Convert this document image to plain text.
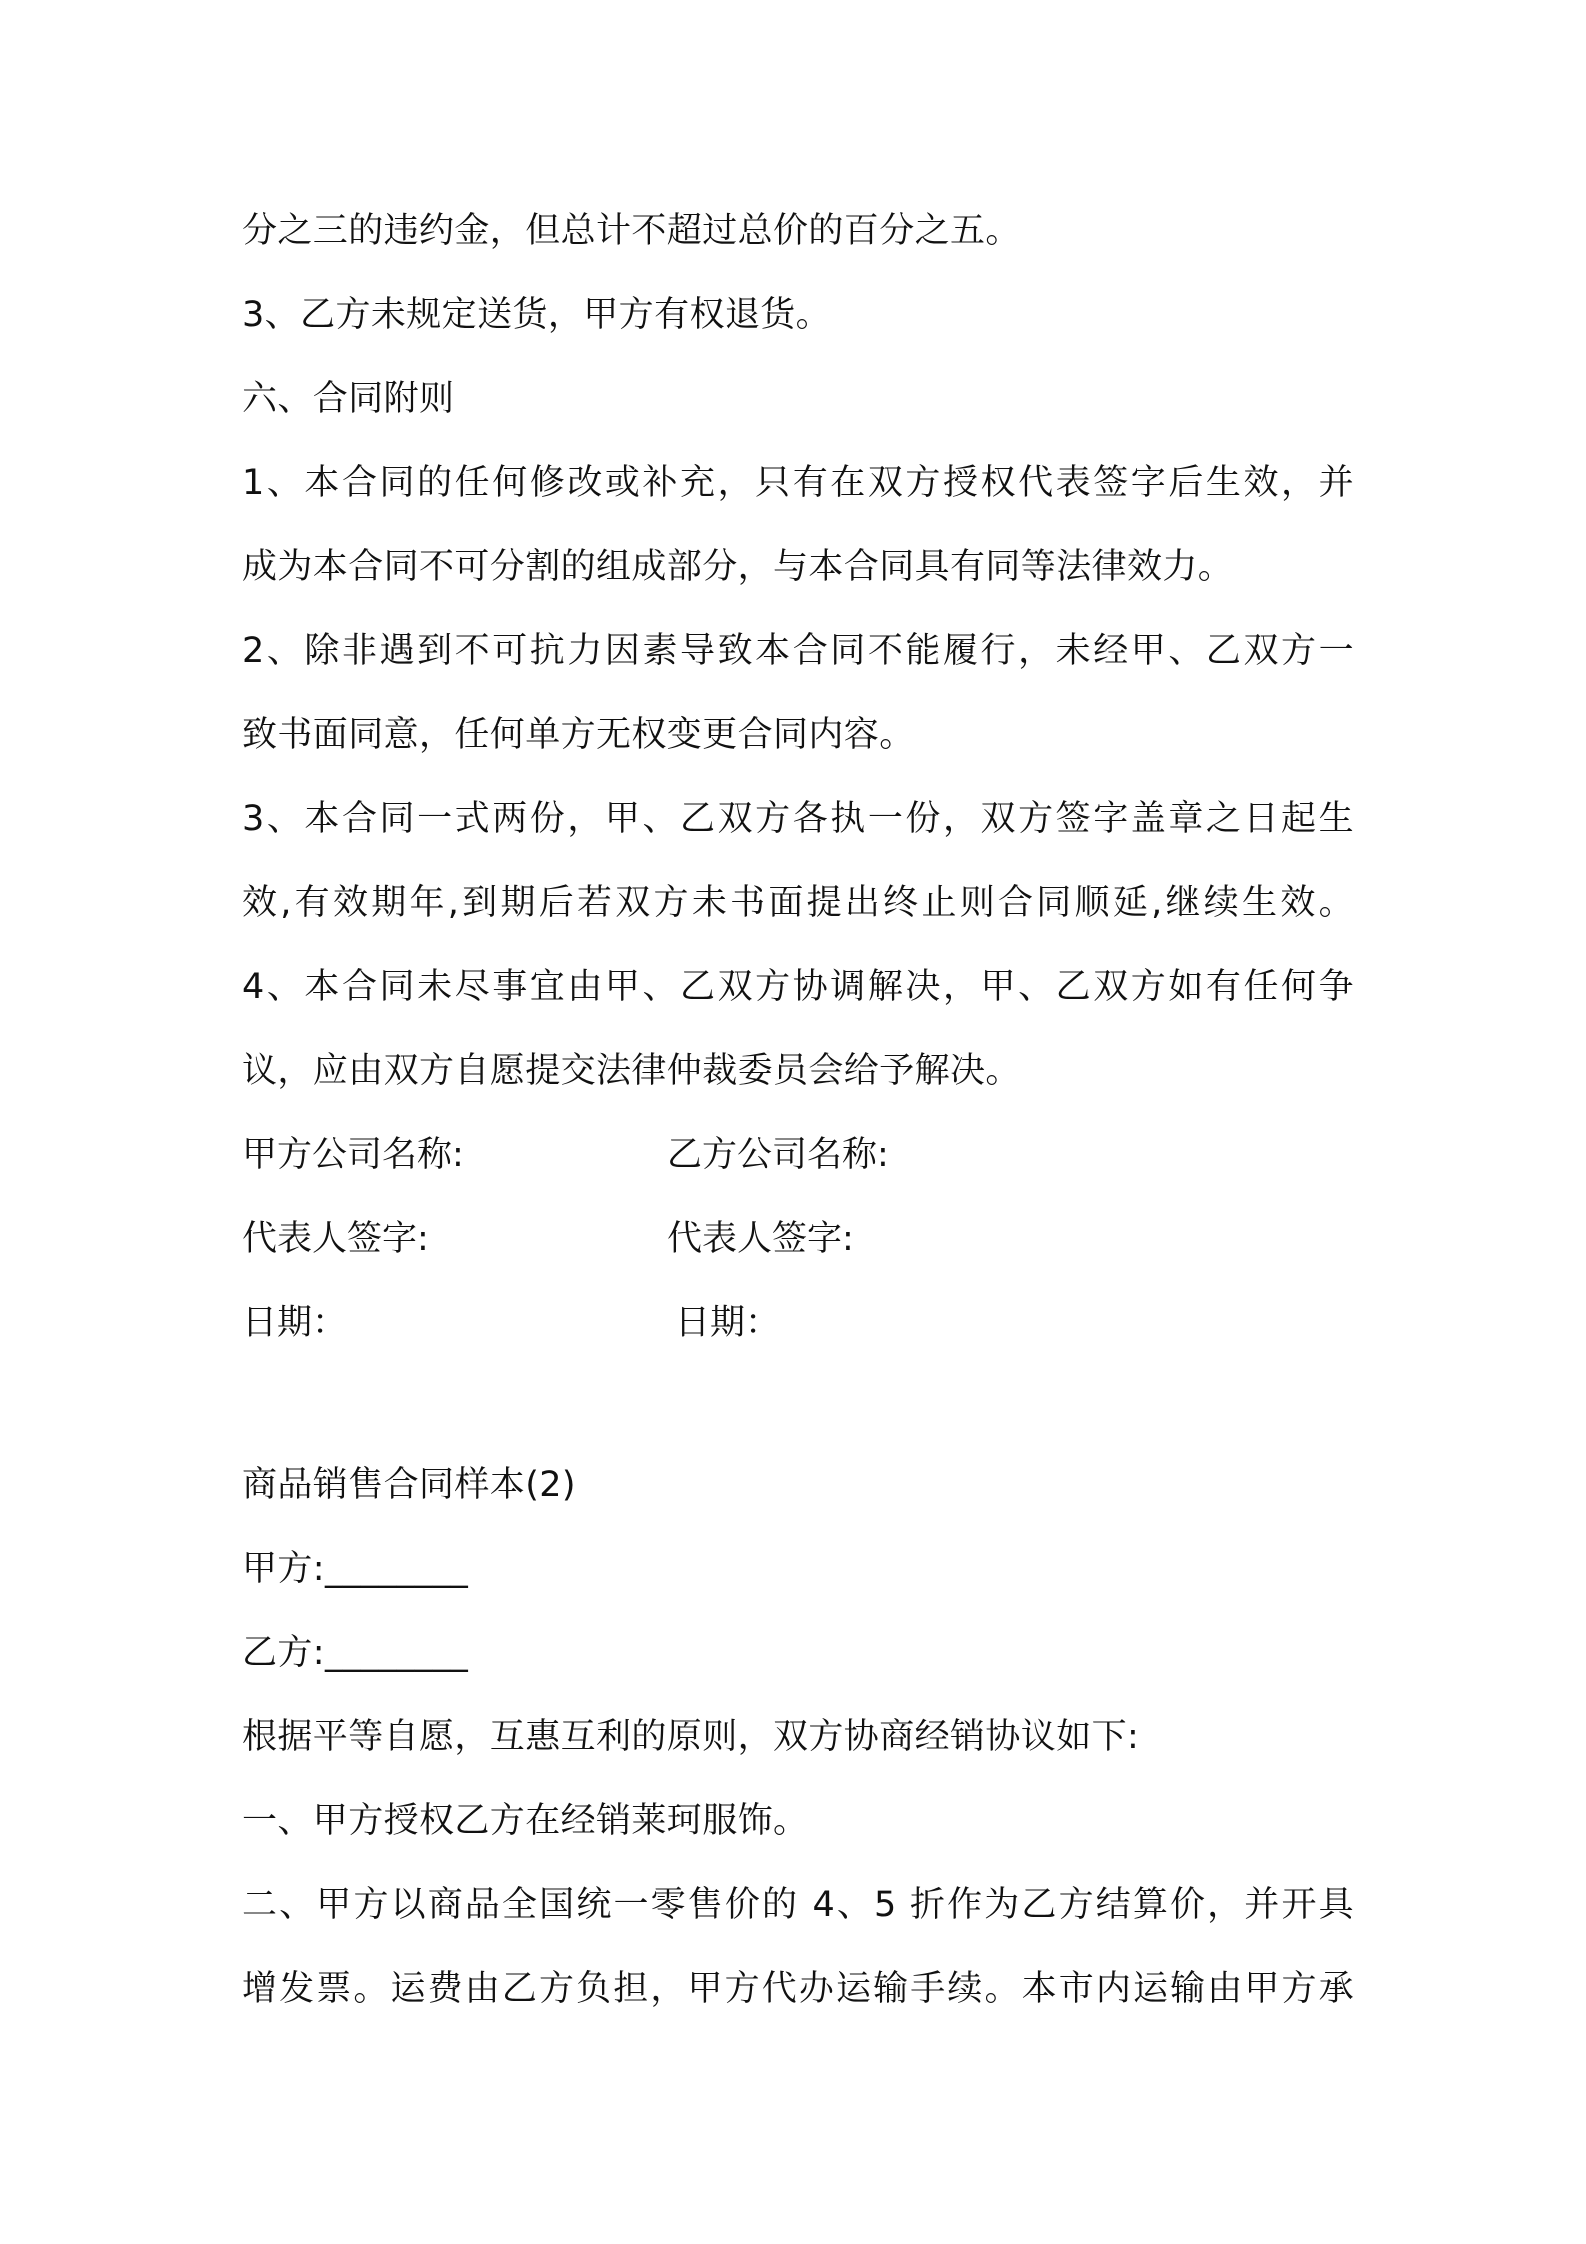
分之三的违约金，但总计不超过总价的百分之五。
3、乙方未规定送货，甲方有权退货。
六、合同附则
1、本合同的任何修改或补充，只有在双方授权代表签字后生效，并
成为本合同不可分割的组成部分，与本合同具有同等法律效力。
2、除非遇到不可抗力因素导致本合同不能履行，未经甲、乙双方一
致书面同意，任何单方无权变更合同内容。
3、本合同一式两份，甲、乙双方各执一份，双方签字盖章之日起生
效,有效期年,到期后若双方未书面提出终止则合同顺延,继续生效。
4、本合同未尽事宜由甲、乙双方协调解决，甲、乙双方如有任何争
议，应由双方自愿提交法律仲裁委员会给予解决。
甲方公司名称:	乙方公司名称:
代表人签字:	代表人签字:
日期：	日期：
商品销售合同样本(2)
甲方:________
乙方:________
根据平等自愿，互惠互利的原则，双方协商经销协议如下:
一、甲方授权乙方在经销莱珂服饰。
二、甲方以商品全国统一零售价的 4、5 折作为乙方结算价，并开具
增发票。运费由乙方负担，甲方代办运输手续。本市内运输由甲方承
